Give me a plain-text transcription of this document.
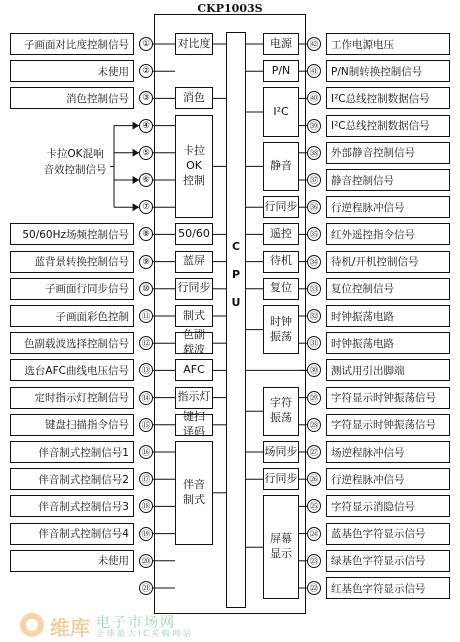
CKP1003S
C
P
U
子画面对比度控制信号	①
未使用	②
消色控制信号	③
④
⑤
⑥
⑦
50/60Hz场频控制信号	⑧
蓝背景转换控制信号	⑨
子画面行同步信号	⑩
子画面彩色控制	⑪
色副载波选择控制信号	⑫
选台AFC曲线电压信号	⑬
定时指示灯控制信号	⑭
键盘扫描指令信号	⑮
伴音制式控制信号1	⑯
伴音制式控制信号2	⑰
伴音制式控制信号3	⑱
伴音制式控制信号4	⑲
未使用	⑳
㉑
㊷	工作电源电压
㊶	P/N制转换控制信号
㊵	I²C总线控制数据信号
㊴	I²C总线控制数据信号
㊳	外部静音控制信号
㊲	静音控制信号
㊱	行逆程脉冲信号
㉟	红外遥控指令信号
㉞	待机/开机控制信号
㉝	复位控制信号
㉜	时钟振荡电路
㉛	时钟振荡电路
㉚	测试用引出脚端
㉙	字符显示时钟振荡信号
㉘	字符显示时钟振荡信号
㉗	场逆程脉冲信号
㉖	行逆程脉冲信号
㉕	字符显示消隐信号
㉔	蓝基色字符显示信号
㉓	绿基色字符显示信号
㉒	红基色字符显示信号
对比度
消色
卡拉
OK
控制
50/60
蓝屏
行同步
制式
色副
载波
AFC
指示灯
键扫
译码
伴音
制式
电源
P/N
I²C
静音
行同步
遥控
待机
复位
时钟
振荡
字符
振荡
场同步
行同步
屏幕
显示
卡拉OK混响
音效控制信号
维库 电子市场网
全 球 最 大 I C 采 购 网 站
